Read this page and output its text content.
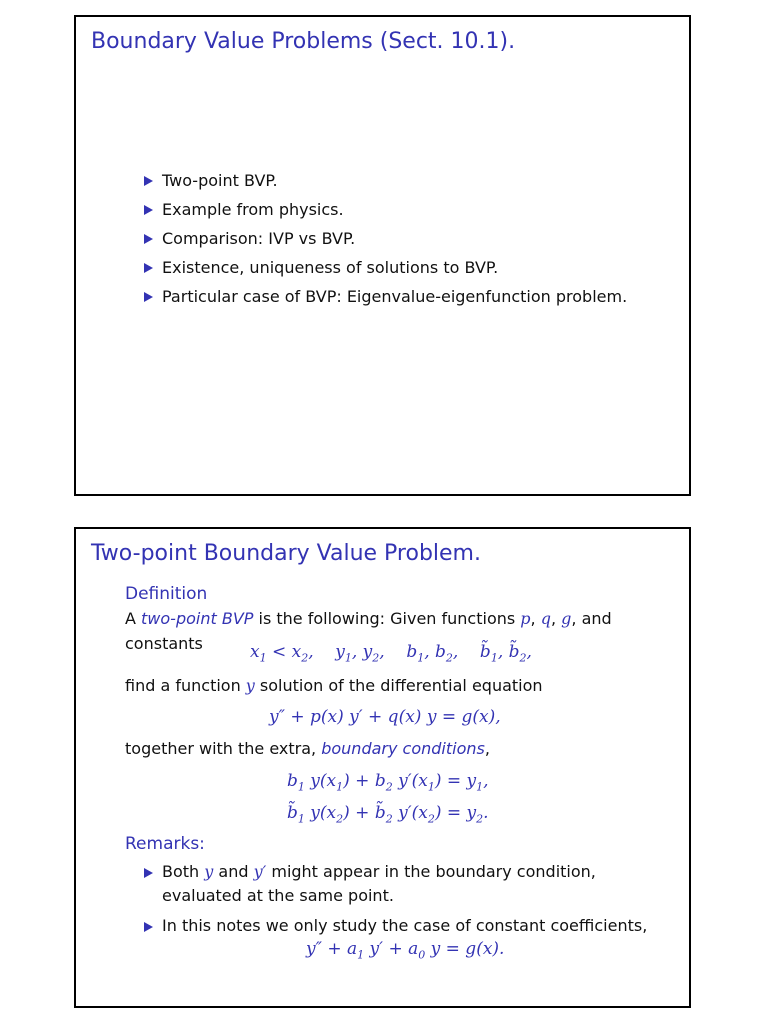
Boundary Value Problems (Sect. 10.1).
Two-point BVP.
Example from physics.
Comparison: IVP vs BVP.
Existence, uniqueness of solutions to BVP.
Particular case of BVP: Eigenvalue-eigenfunction problem.
Two-point Boundary Value Problem.
Definition
A two-point BVP is the following: Given functions p, q, g, and
constants	$x_1 < x_2$,    $y_1$, $y_2$,    $b_1$, $b_2$,    $b̃_1$, $b̃_2$,
find a function y solution of the differential equation
y″ + p(x) y′ + q(x) y = g(x),
together with the extra, boundary conditions,
$b_1$ $y(x_1) + b_2$ $y'(x_1) = y_1$,
$b̃_1$ $y(x_2)$ + $b̃_2$ $y'(x_2) = y_2$.
Remarks:
Both y and y′ might appear in the boundary condition, evaluated at the same point.
In this notes we only study the case of constant coefficients,
$y'' + a_1$ $y' + a_0$ y = g(x).
